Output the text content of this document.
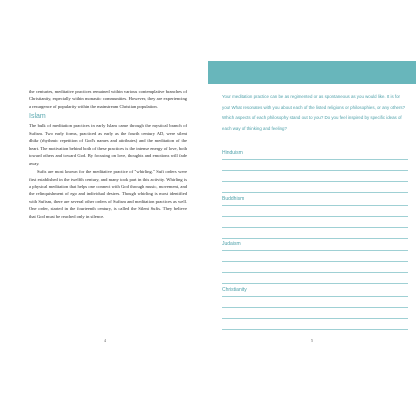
the centuries, meditative practices remained within various contemplative branches of Christianity, especially within monastic communities. However, they are experiencing a resurgence of popularity within the mainstream Christian population.

Islam

The bulk of meditation practices in early Islam came through the mystical branch of Sufism. Two early forms, practiced as early as the fourth century AD, were silent dhikr (rhythmic repetition of God's names and attributes) and the meditation of the heart. The motivation behind both of these practices is the intense energy of love, both toward others and toward God. By focusing on love, thoughts and emotions will fade away.

Sufis are most known for the meditative practice of "whirling." Sufi orders were first established in the twelfth century, and many took part in this activity. Whirling is a physical meditation that helps one connect with God through music, movement, and the relinquishment of ego and individual desires. Though whirling is most identified with Sufism, there are several other orders of Sufism and meditation practices as well. One order, started in the fourteenth century, is called the Silent Sufis. They believe that God must be reached only in silence.

4
Your meditation practice can be as regimented or as spontaneous as you would like. It is for you! What resonates with you about each of the listed religions or philosophies, or any others? Which aspects of each philosophy stand out to you? Do you feel inspired by specific ideas of each way of thinking and feeling?
Hinduism
Buddhism
Judaism
Christianity
5
